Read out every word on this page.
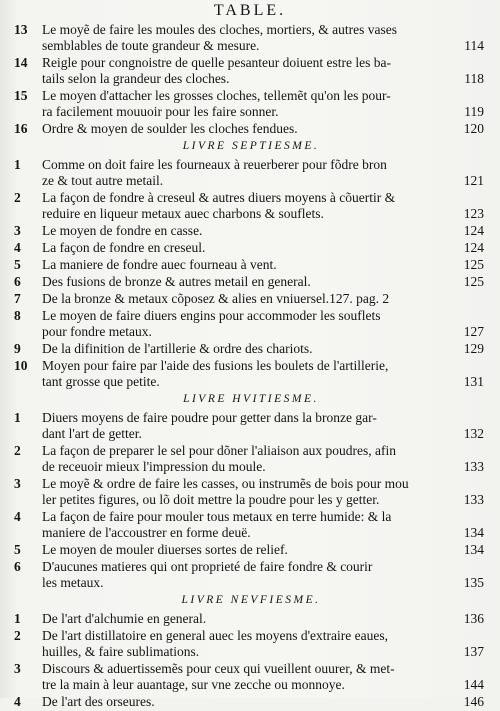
TABLE.
13	Le moyẽ de faire les moules des cloches, mortiers, & autres vases
semblables de toute grandeur & mesure.	114
14	Reigle pour congnoistre de quelle pesanteur doiuent estre les ba-
tails selon la grandeur des cloches.	118
15	Le moyen d'attacher les grosses cloches, tellemẽt qu'on les pour-
ra facilement mouuoir pour les faire sonner.	119
16	Ordre & moyen de soulder les cloches fendues.	120
LIVRE SEPTIESME.
1	Comme on doit faire les fourneaux à reuerberer pour fõdre bron
ze & tout autre metail.	121
2	La façon de fondre à creseul & autres diuers moyens à cõuertir &
reduire en liqueur metaux auec charbons & souflets.	123
3	Le moyen de fondre en casse.	124
4	La façon de fondre en creseul.	124
5	La maniere de fondre auec fourneau à vent.	125
6	Des fusions de bronze & autres metail en general.	125
7	De la bronze & metaux cõposez & alies en vniuersel.127. pag. 2
8	Le moyen de faire diuers engins pour accommoder les souflets
pour fondre metaux.	127
9	De la difinition de l'artillerie & ordre des chariots.	129
10	Moyen pour faire par l'aide des fusions les boulets de l'artillerie,
tant grosse que petite.	131
LIVRE HVITIESME.
1	Diuers moyens de faire poudre pour getter dans la bronze gar-
dant l'art de getter.	132
2	La façon de preparer le sel pour dõner l'aliaison aux poudres, afin
de receuoir mieux l'impression du moule.	133
3	Le moyẽ & ordre de faire les casses, ou instrumẽs de bois pour mou
ler petites figures, ou lõ doit mettre la poudre pour les y getter.	133
4	La façon de faire pour mouler tous metaux en terre humide: & la
maniere de l'accoustrer en forme deuë.	134
5	Le moyen de mouler diuerses sortes de relief.	134
6	D'aucunes matieres qui ont proprieté de faire fondre & courir
les metaux.	135
LIVRE NEVFIESME.
1	De l'art d'alchumie en general.	136
2	De l'art distillatoire en general auec les moyens d'extraire eaues,
huilles, & faire sublimations.	137
3	Discours & aduertissemẽs pour ceux qui vueillent ouurer, & met-
tre la main à leur auantage, sur vne zecche ou monnoye.	144
4	De l'art des orseures.	146
